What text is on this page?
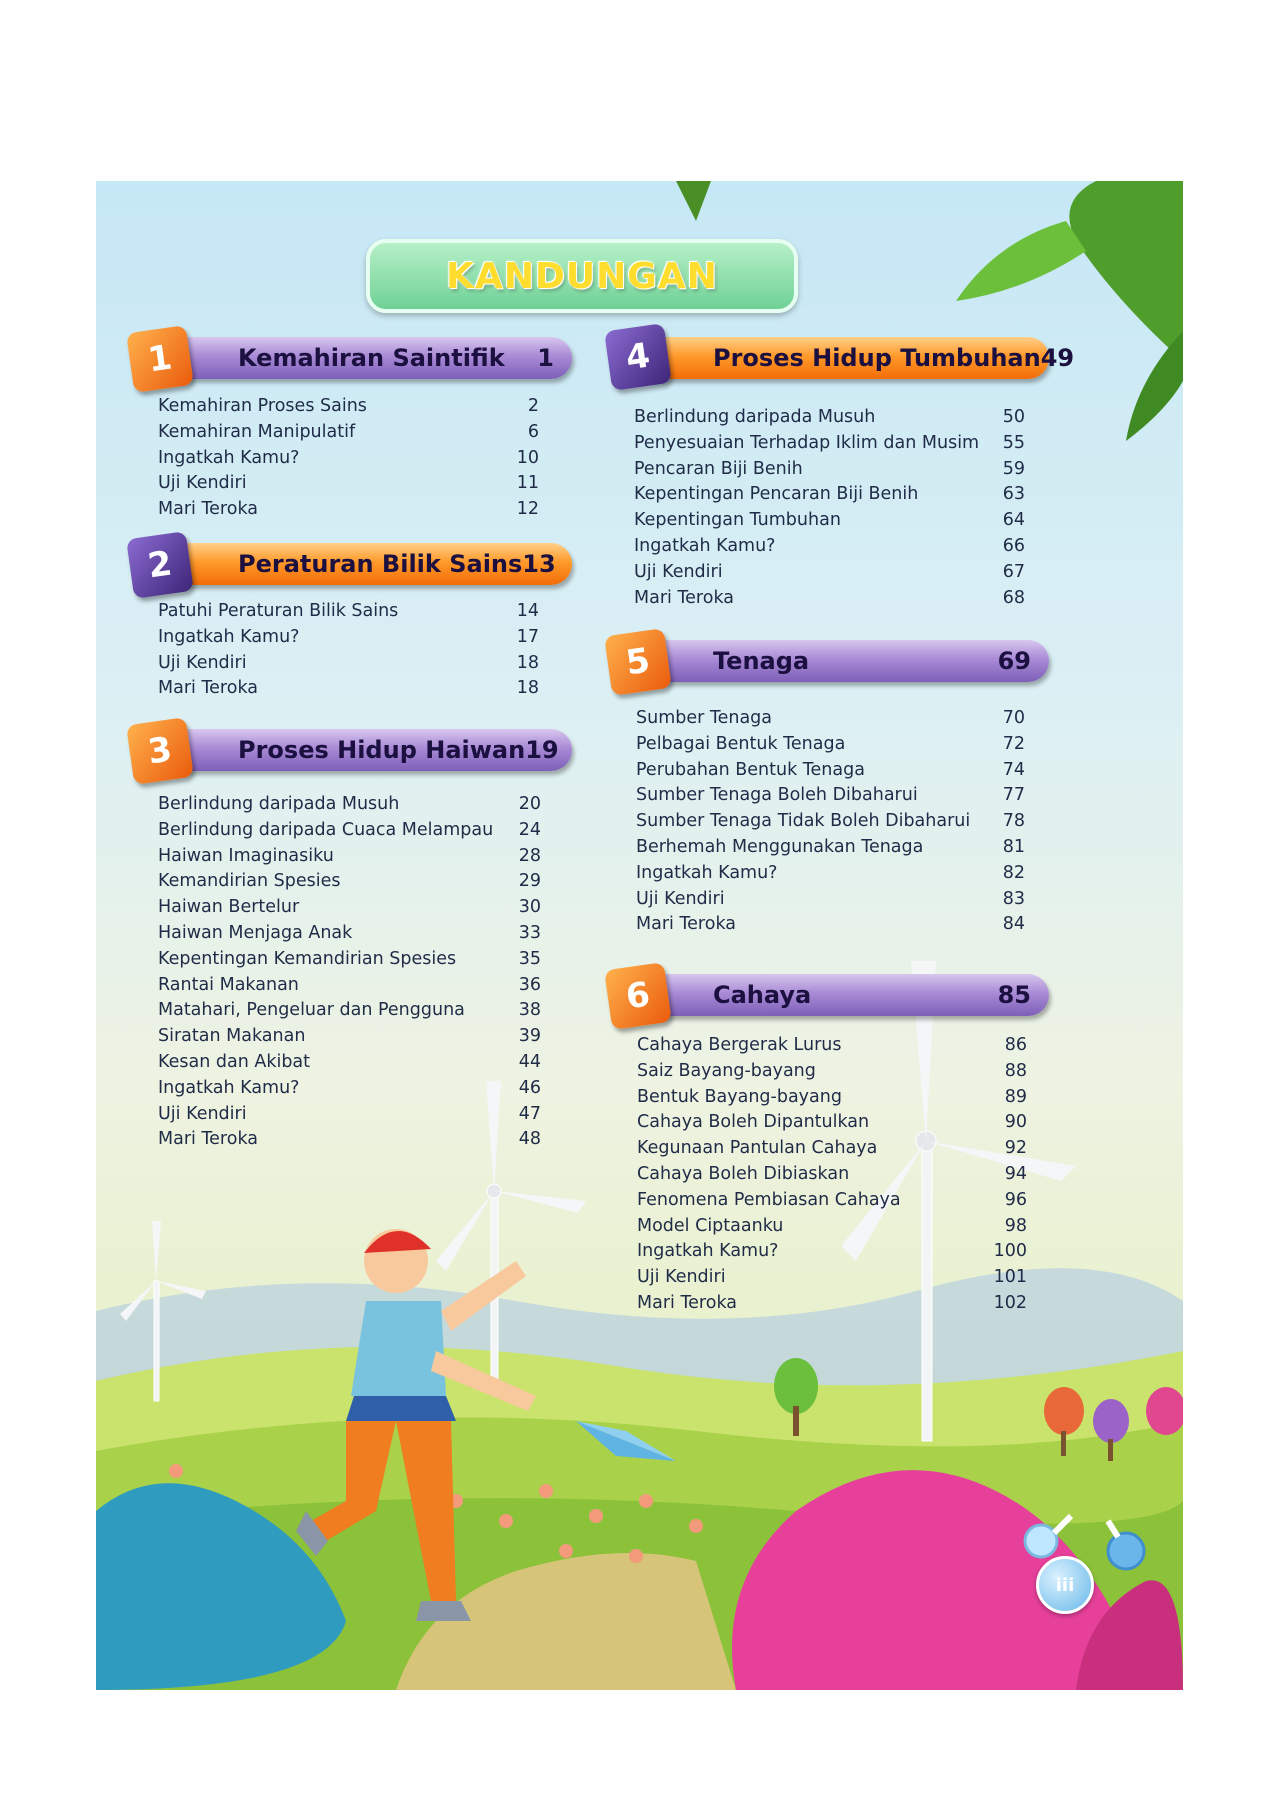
KANDUNGAN
Kemahiran Saintifik	1
1
Kemahiran Proses Sains	2
Kemahiran Manipulatif	6
Ingatkah Kamu?	10
Uji Kendiri	11
Mari Teroka	12
Peraturan Bilik Sains 13
2
Patuhi Peraturan Bilik Sains	14
Ingatkah Kamu?	17
Uji Kendiri	18
Mari Teroka	18
Proses Hidup Haiwan 19
3
Berlindung daripada Musuh	20
Berlindung daripada Cuaca Melampau	24
Haiwan Imaginasiku	28
Kemandirian Spesies	29
Haiwan Bertelur	30
Haiwan Menjaga Anak	33
Kepentingan Kemandirian Spesies	35
Rantai Makanan	36
Matahari, Pengeluar dan Pengguna	38
Siratan Makanan	39
Kesan dan Akibat	44
Ingatkah Kamu?	46
Uji Kendiri	47
Mari Teroka	48
Proses Hidup Tumbuhan 49
4
Berlindung daripada Musuh	50
Penyesuaian Terhadap Iklim dan Musim	55
Pencaran Biji Benih	59
Kepentingan Pencaran Biji Benih	63
Kepentingan Tumbuhan	64
Ingatkah Kamu?	66
Uji Kendiri	67
Mari Teroka	68
Tenaga	69
5
Sumber Tenaga	70
Pelbagai Bentuk Tenaga	72
Perubahan Bentuk Tenaga	74
Sumber Tenaga Boleh Dibaharui	77
Sumber Tenaga Tidak Boleh Dibaharui	78
Berhemah Menggunakan Tenaga	81
Ingatkah Kamu?	82
Uji Kendiri	83
Mari Teroka	84
Cahaya	85
6
Cahaya Bergerak Lurus	86
Saiz Bayang-bayang	88
Bentuk Bayang-bayang	89
Cahaya Boleh Dipantulkan	90
Kegunaan Pantulan Cahaya	92
Cahaya Boleh Dibiaskan	94
Fenomena Pembiasan Cahaya	96
Model Ciptaanku	98
Ingatkah Kamu?	100
Uji Kendiri	101
Mari Teroka	102
iii
